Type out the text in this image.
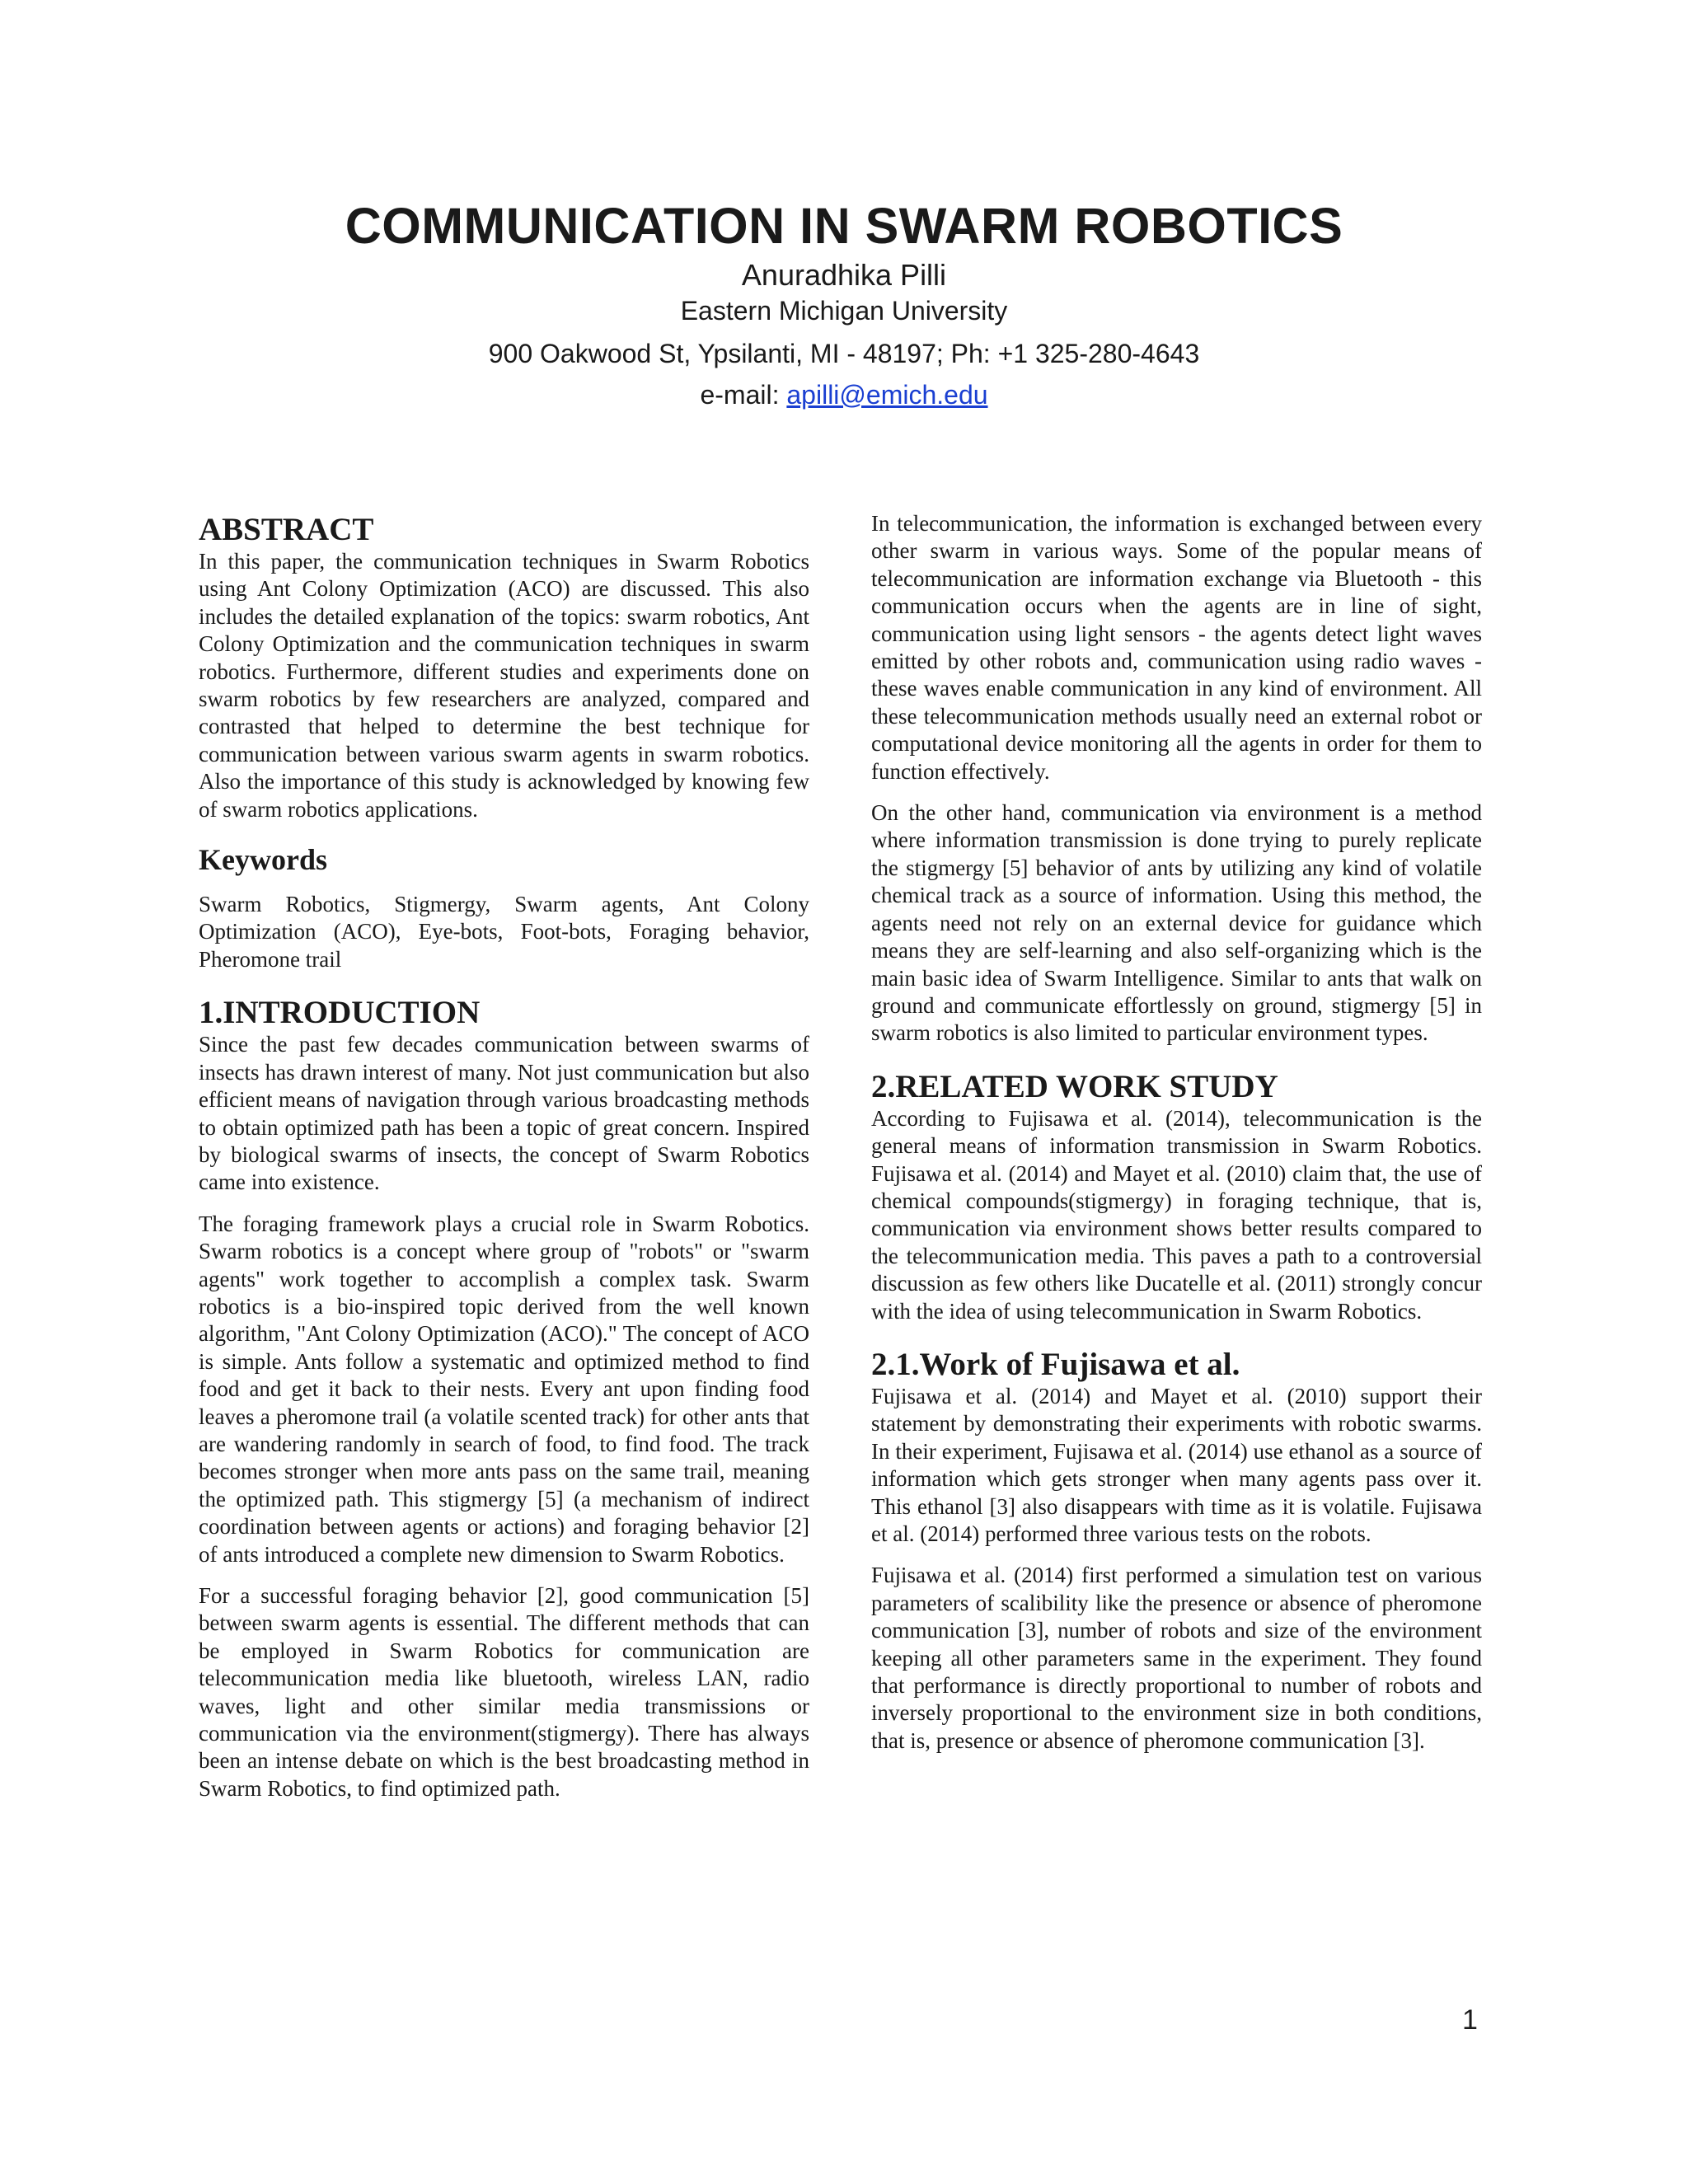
COMMUNICATION IN SWARM ROBOTICS
Anuradhika Pilli
Eastern Michigan University
900 Oakwood St, Ypsilanti, MI - 48197; Ph: +1 325-280-4643
e-mail: apilli@emich.edu
ABSTRACT

In this paper, the communication techniques in Swarm Robotics using Ant Colony Optimization (ACO) are discussed. This also includes the detailed explanation of the topics: swarm robotics, Ant Colony Optimization and the communication techniques in swarm robotics. Furthermore, different studies and experiments done on swarm robotics by few researchers are analyzed, compared and contrasted that helped to determine the best technique for communication between various swarm agents in swarm robotics. Also the importance of this study is acknowledged by knowing few of swarm robotics applications.

Keywords

Swarm Robotics, Stigmergy, Swarm agents, Ant Colony Optimization (ACO), Eye-bots, Foot-bots, Foraging behavior, Pheromone trail

1.INTRODUCTION

Since the past few decades communication between swarms of insects has drawn interest of many. Not just communication but also efficient means of navigation through various broadcasting methods to obtain optimized path has been a topic of great concern. Inspired by biological swarms of insects, the concept of Swarm Robotics came into existence.

The foraging framework plays a crucial role in Swarm Robotics. Swarm robotics is a concept where group of "robots" or "swarm agents" work together to accomplish a complex task. Swarm robotics is a bio-inspired topic derived from the well known algorithm, "Ant Colony Optimization (ACO)." The concept of ACO is simple. Ants follow a systematic and optimized method to find food and get it back to their nests. Every ant upon finding food leaves a pheromone trail (a volatile scented track) for other ants that are wandering randomly in search of food, to find food. The track becomes stronger when more ants pass on the same trail, meaning the optimized path. This stigmergy [5] (a mechanism of indirect coordination between agents or actions) and foraging behavior [2] of ants introduced a complete new dimension to Swarm Robotics.

For a successful foraging behavior [2], good communication [5] between swarm agents is essential. The different methods that can be employed in Swarm Robotics for communication are telecommunication media like bluetooth, wireless LAN, radio waves, light and other similar media transmissions or communication via the environment(stigmergy). There has always been an intense debate on which is the best broadcasting method in Swarm Robotics, to find optimized path.

In telecommunication, the information is exchanged between every other swarm in various ways. Some of the popular means of telecommunication are information exchange via Bluetooth - this communication occurs when the agents are in line of sight, communication using light sensors - the agents detect light waves emitted by other robots and, communication using radio waves - these waves enable communication in any kind of environment. All these telecommunication methods usually need an external robot or computational device monitoring all the agents in order for them to function effectively.

On the other hand, communication via environment is a method where information transmission is done trying to purely replicate the stigmergy [5] behavior of ants by utilizing any kind of volatile chemical track as a source of information. Using this method, the agents need not rely on an external device for guidance which means they are self-learning and also self-organizing which is the main basic idea of Swarm Intelligence. Similar to ants that walk on ground and communicate effortlessly on ground, stigmergy [5] in swarm robotics is also limited to particular environment types.

2.RELATED WORK STUDY

According to Fujisawa et al. (2014), telecommunication is the general means of information transmission in Swarm Robotics. Fujisawa et al. (2014) and Mayet et al. (2010) claim that, the use of chemical compounds(stigmergy) in foraging technique, that is, communication via environment shows better results compared to the telecommunication media. This paves a path to a controversial discussion as few others like Ducatelle et al. (2011) strongly concur with the idea of using telecommunication in Swarm Robotics.

2.1.Work of Fujisawa et al.

Fujisawa et al. (2014) and Mayet et al. (2010) support their statement by demonstrating their experiments with robotic swarms. In their experiment, Fujisawa et al. (2014) use ethanol as a source of information which gets stronger when many agents pass over it. This ethanol [3] also disappears with time as it is volatile. Fujisawa et al. (2014) performed three various tests on the robots.

Fujisawa et al. (2014) first performed a simulation test on various parameters of scalibility like the presence or absence of pheromone communication [3], number of robots and size of the environment keeping all other parameters same in the experiment. They found that performance is directly proportional to number of robots and inversely proportional to the environment size in both conditions, that is, presence or absence of pheromone communication [3].

1
